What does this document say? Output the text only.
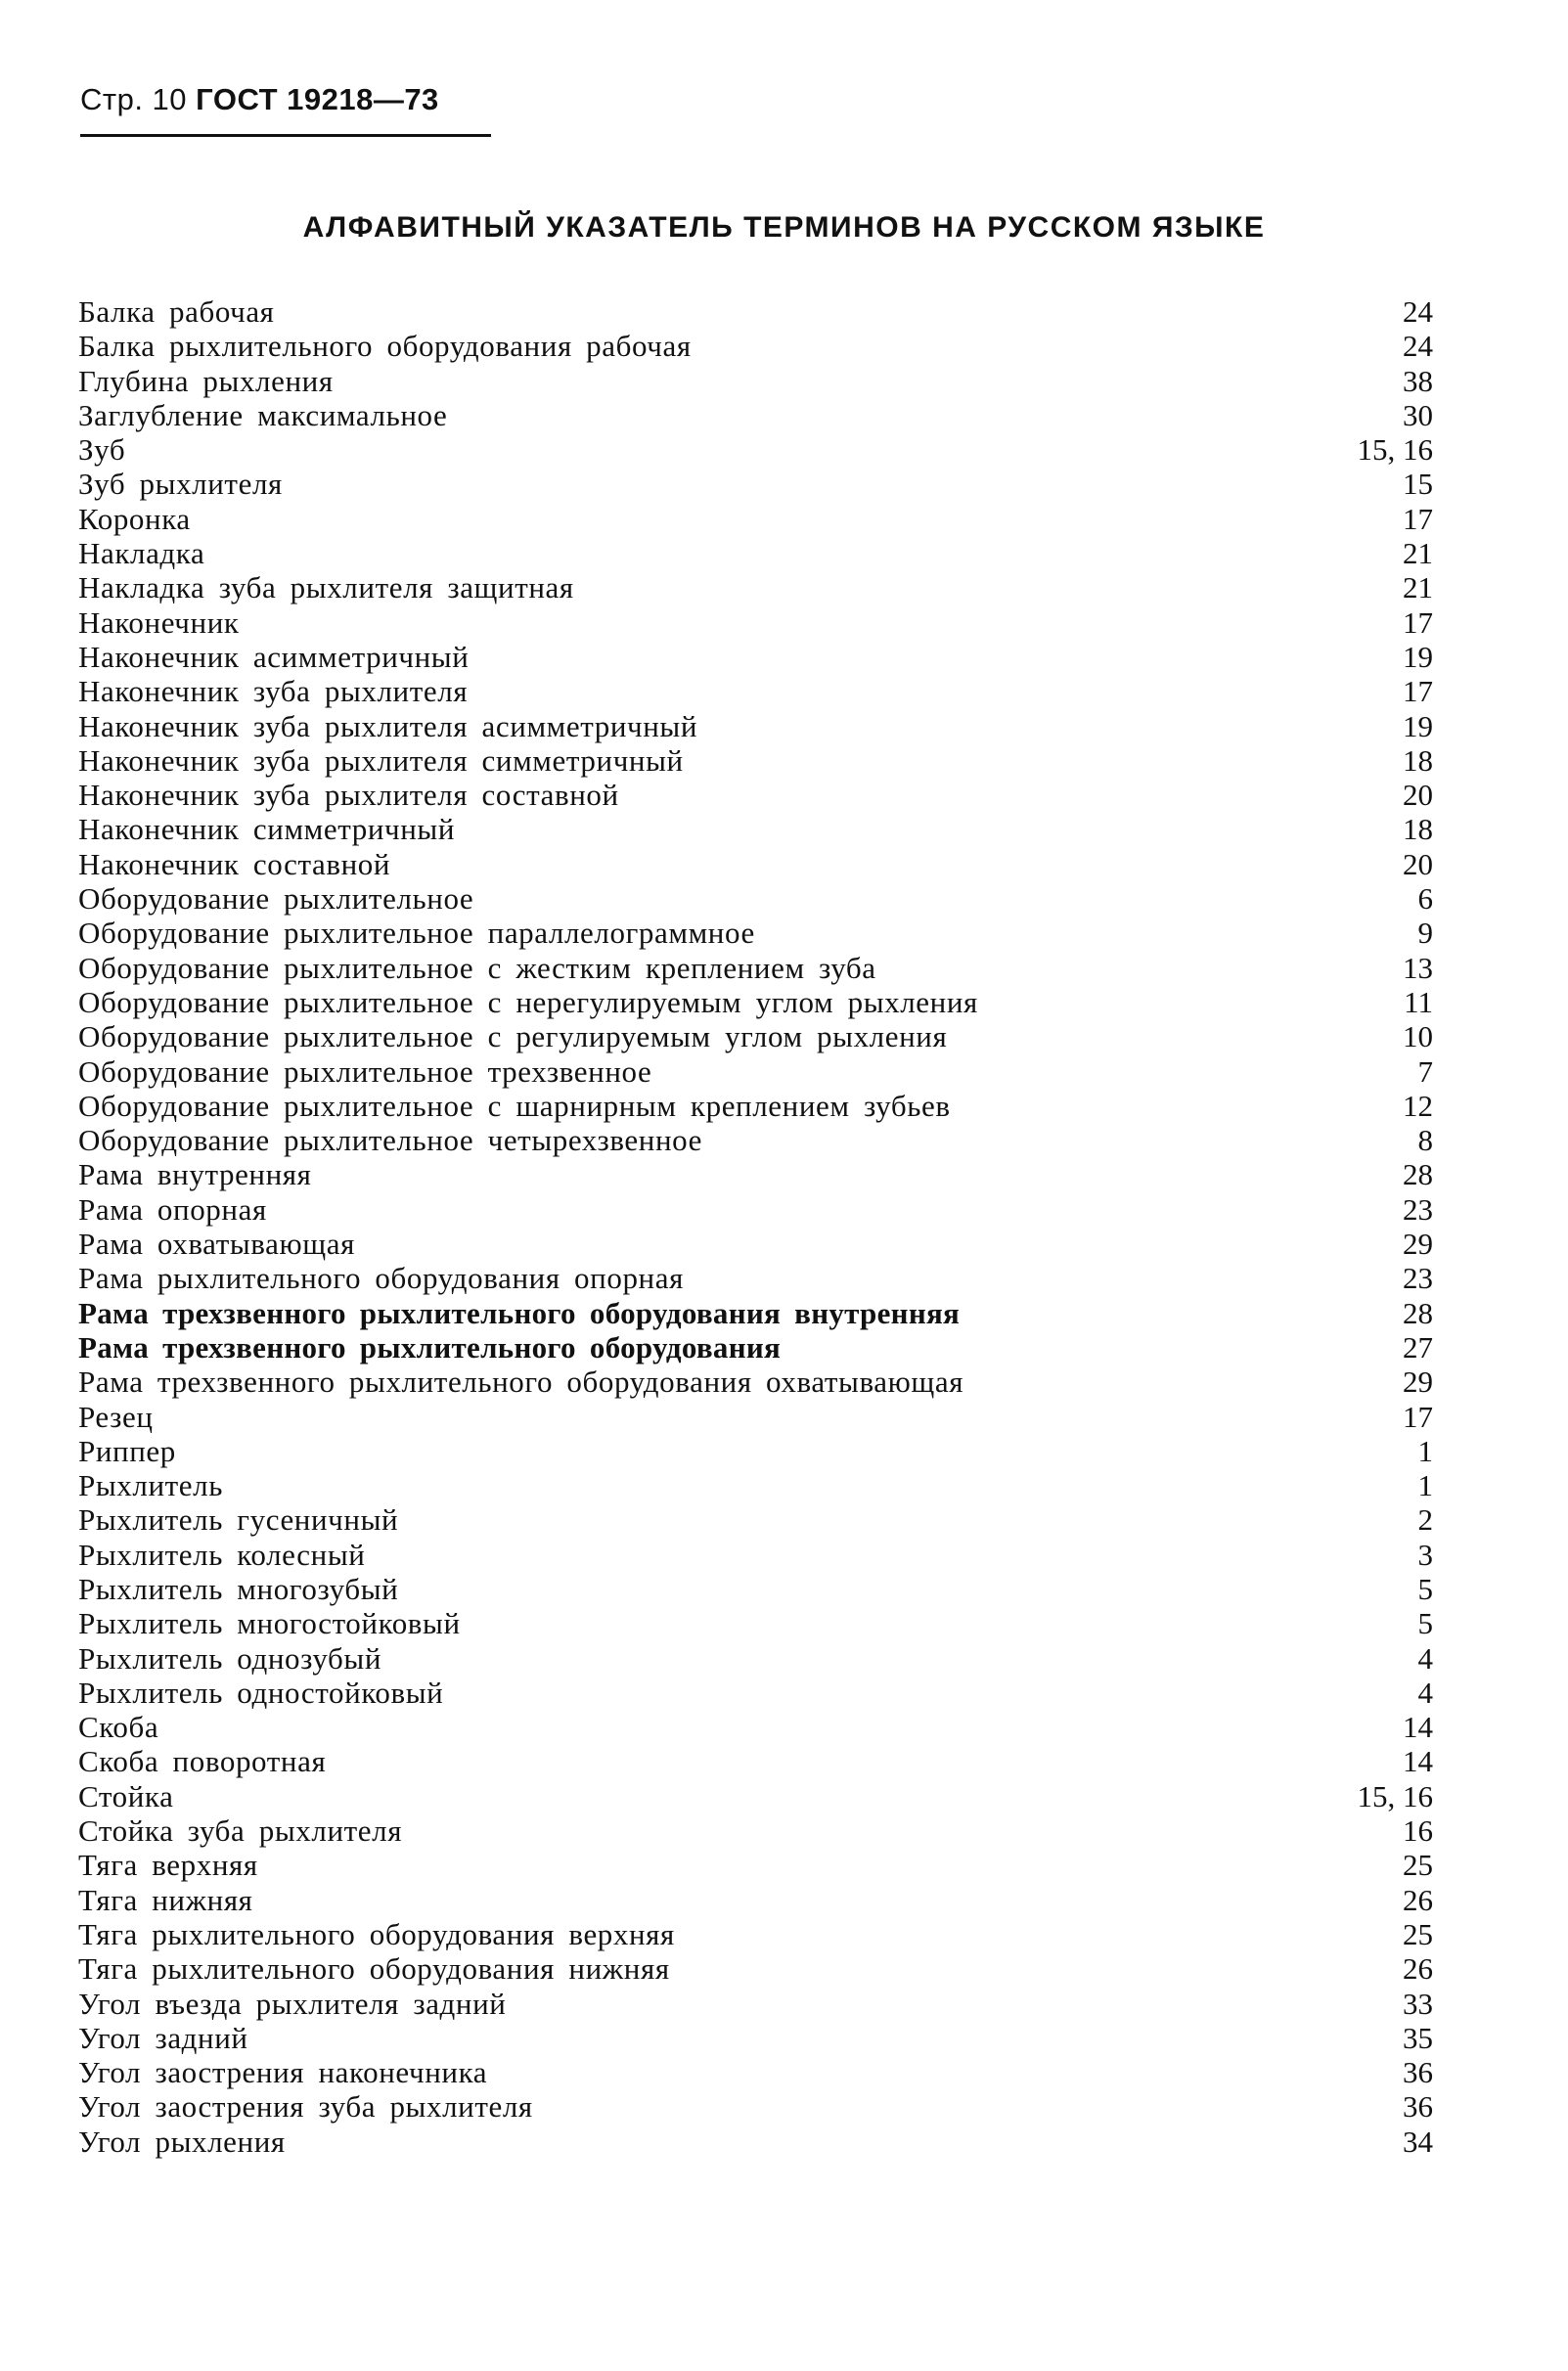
Стр. 10 ГОСТ 19218—73
АЛФАВИТНЫЙ УКАЗАТЕЛЬ ТЕРМИНОВ НА РУССКОМ ЯЗЫКЕ
Балка рабочая	24
Балка рыхлительного оборудования рабочая	24
Глубина рыхления	38
Заглубление максимальное	30
Зуб	15, 16
Зуб рыхлителя	15
Коронка	17
Накладка	21
Накладка зуба рыхлителя защитная	21
Наконечник	17
Наконечник асимметричный	19
Наконечник зуба рыхлителя	17
Наконечник зуба рыхлителя асимметричный	19
Наконечник зуба рыхлителя симметричный	18
Наконечник зуба рыхлителя составной	20
Наконечник симметричный	18
Наконечник составной	20
Оборудование рыхлительное	6
Оборудование рыхлительное параллелограммное	9
Оборудование рыхлительное с жестким креплением зуба	13
Оборудование рыхлительное с нерегулируемым углом рыхления	11
Оборудование рыхлительное с регулируемым углом рыхления	10
Оборудование рыхлительное трехзвенное	7
Оборудование рыхлительное с шарнирным креплением зубьев	12
Оборудование рыхлительное четырехзвенное	8
Рама внутренняя	28
Рама опорная	23
Рама охватывающая	29
Рама рыхлительного оборудования опорная	23
Рама трехзвенного рыхлительного оборудования внутренняя	28
Рама трехзвенного рыхлительного оборудования	27
Рама трехзвенного рыхлительного оборудования охватывающая	29
Резец	17
Риппер	1
Рыхлитель	1
Рыхлитель гусеничный	2
Рыхлитель колесный	3
Рыхлитель многозубый	5
Рыхлитель многостойковый	5
Рыхлитель однозубый	4
Рыхлитель одностойковый	4
Скоба	14
Скоба поворотная	14
Стойка	15, 16
Стойка зуба рыхлителя	16
Тяга верхняя	25
Тяга нижняя	26
Тяга рыхлительного оборудования верхняя	25
Тяга рыхлительного оборудования нижняя	26
Угол въезда рыхлителя задний	33
Угол задний	35
Угол заострения наконечника	36
Угол заострения зуба рыхлителя	36
Угол рыхления	34
